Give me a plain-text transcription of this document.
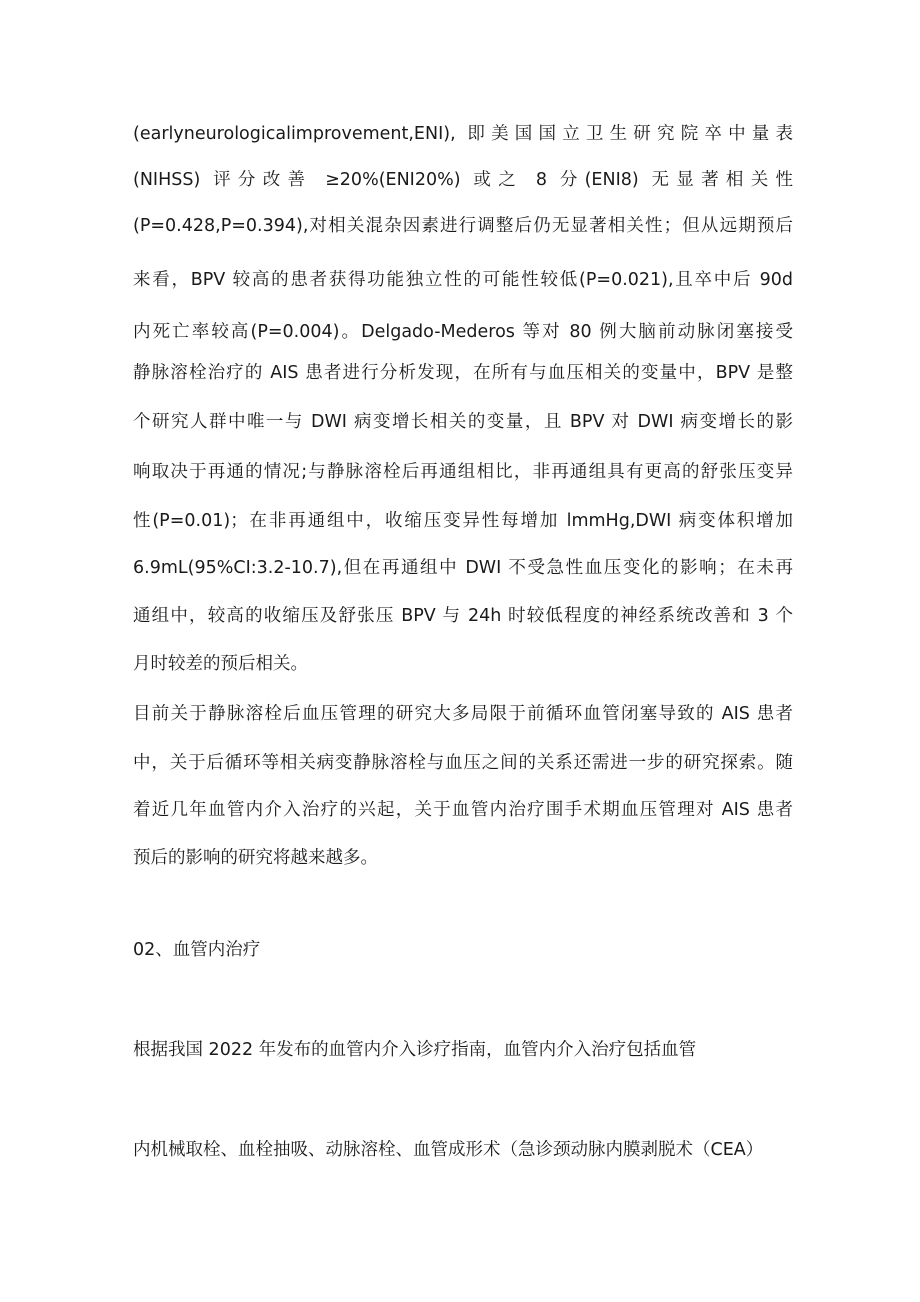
(earlyneurologicalimprovement,ENI), 即美国国立卫生研究院卒中量表
(NIHSS) 评分改善 ≥20%(ENI20%) 或之 8 分(ENI8) 无显著相关性
(P=0.428,P=0.394),对相关混杂因素进行调整后仍无显著相关性；但从远期预后
来看，BPV 较高的患者获得功能独立性的可能性较低(P=0.021),且卒中后 90d
内死亡率较高(P=0.004)。Delgado-Mederos 等对 80 例大脑前动脉闭塞接受
静脉溶栓治疗的 AIS 患者进行分析发现，在所有与血压相关的变量中，BPV 是整
个研究人群中唯一与 DWI 病变增长相关的变量，且 BPV 对 DWI 病变增长的影
响取决于再通的情况;与静脉溶栓后再通组相比，非再通组具有更高的舒张压变异
性(P=0.01)；在非再通组中，收缩压变异性每增加 lmmHg,DWI 病变体积增加
6.9mL(95%CI:3.2-10.7),但在再通组中 DWI 不受急性血压变化的影响；在未再
通组中，较高的收缩压及舒张压 BPV 与 24h 时较低程度的神经系统改善和 3 个
月时较差的预后相关。
目前关于静脉溶栓后血压管理的研究大多局限于前循环血管闭塞导致的 AIS 患者
中，关于后循环等相关病变静脉溶栓与血压之间的关系还需进一步的研究探索。随
着近几年血管内介入治疗的兴起，关于血管内治疗围手术期血压管理对 AIS 患者
预后的影响的研究将越来越多。
02、血管内治疗
根据我国 2022 年发布的血管内介入诊疗指南，血管内介入治疗包括血管
内机械取栓、血栓抽吸、动脉溶栓、血管成形术（急诊颈动脉内膜剥脱术（CEA）
